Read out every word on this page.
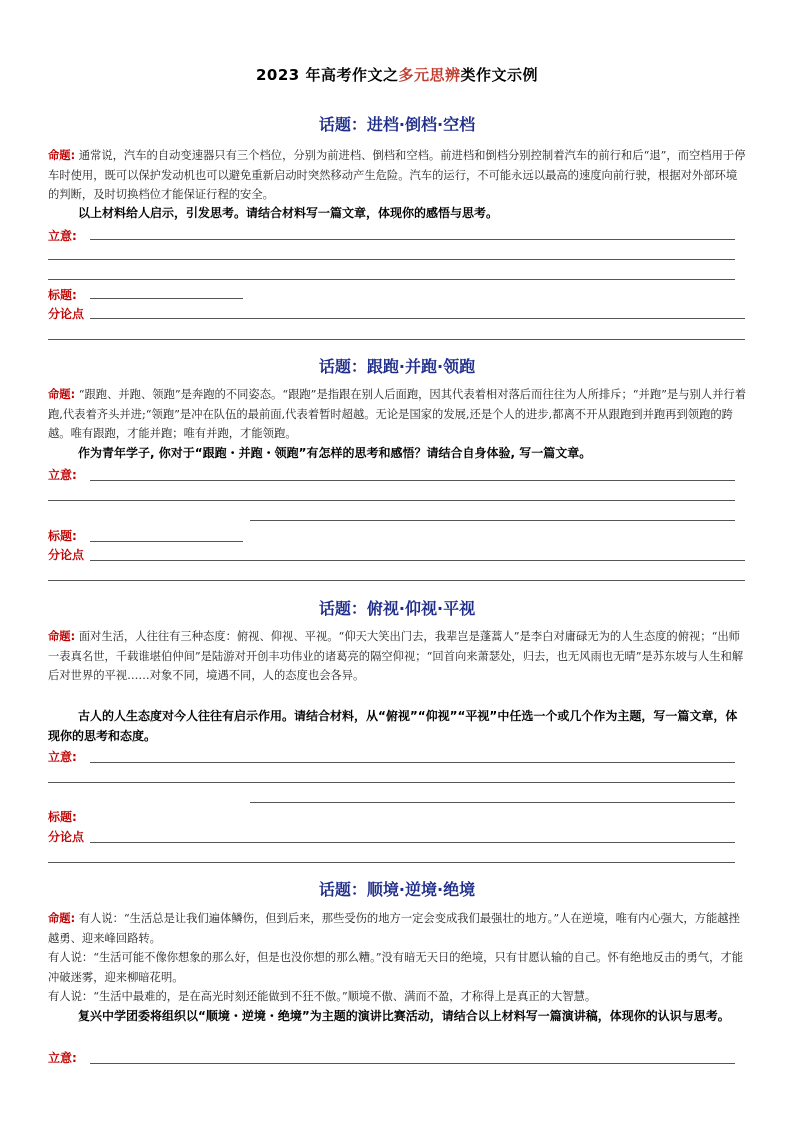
2023 年高考作文之多元思辨类作文示例
话题：进档·倒档·空档
命题: 通常说，汽车的自动变速器只有三个档位，分别为前进档、倒档和空档。前进档和倒档分别控制着汽车的前行和后“退”，而空档用于停车时使用，既可以保护发动机也可以避免重新启动时突然移动产生危险。汽车的运行，不可能永远以最高的速度向前行驶，根据对外部环境的判断，及时切换档位才能保证行程的安全。

以上材料给人启示，引发思考。请结合材料写一篇文章，体现你的感悟与思考。

立意:
标题:
分论点
话题：跟跑·并跑·领跑
命题: “跟跑、并跑、领跑”是奔跑的不同姿态。“跟跑”是指跟在别人后面跑，因其代表着相对落后而往往为人所排斥；“并跑”是与别人并行着跑,代表着齐头并进;“领跑”是冲在队伍的最前面,代表着暂时超越。无论是国家的发展,还是个人的进步,都离不开从跟跑到并跑再到领跑的跨越。唯有跟跑，才能并跑；唯有并跑，才能领跑。

作为青年学子, 你对于“跟跑・并跑・领跑”有怎样的思考和感悟？请结合自身体验, 写一篇文章。

立意:
标题:
分论点
话题：俯视·仰视·平视
命题: 面对生活，人往往有三种态度：俯视、仰视、平视。“仰天大笑出门去，我辈岂是蓬蒿人”是李白对庸碌无为的人生态度的俯视；“出师一表真名世，千载谁堪伯仲间”是陆游对开创丰功伟业的诸葛亮的隔空仰视；“回首向来萧瑟处，归去，也无风雨也无晴”是苏东坡与人生和解后对世界的平视……对象不同，境遇不同，人的态度也会各异。

古人的人生态度对今人往往有启示作用。请结合材料，从“俯视”“仰视”“平视”中任选一个或几个作为主题，写一篇文章，体现你的思考和态度。

立意:
标题:
分论点
话题：顺境·逆境·绝境

命题: 有人说：“生活总是让我们遍体鳞伤，但到后来，那些受伤的地方一定会变成我们最强壮的地方。”人在逆境，唯有内心强大，方能越挫越勇、迎来峰回路转。

有人说：“生活可能不像你想象的那么好，但是也没你想的那么糟。”没有暗无天日的绝境，只有甘愿认输的自己。怀有绝地反击的勇气，才能冲破迷雾，迎来柳暗花明。

有人说：“生活中最难的，是在高光时刻还能做到不狂不傲。”顺境不傲、满而不盈，才称得上是真正的大智慧。

复兴中学团委将组织以“顺境・逆境・绝境”为主题的演讲比赛活动，请结合以上材料写一篇演讲稿，体现你的认识与思考。

立意:
